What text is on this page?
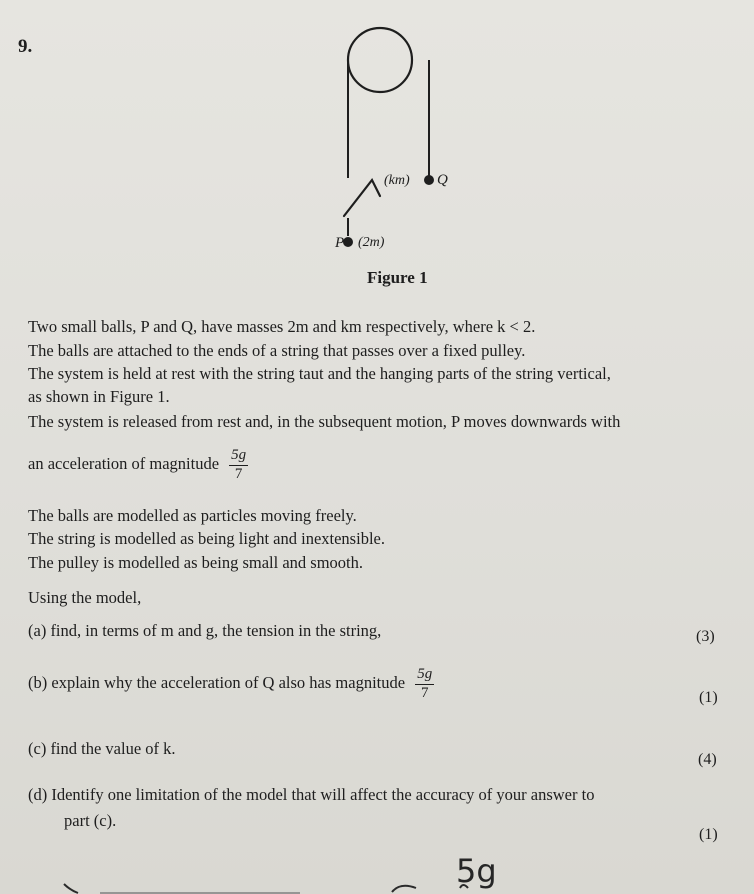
9.
(km) Q
P (2m)
Figure 1
Two small balls, P and Q, have masses 2m and km respectively, where k < 2.
The balls are attached to the ends of a string that passes over a fixed pulley.
The system is held at rest with the string taut and the hanging parts of the string vertical,
as shown in Figure 1.
The system is released from rest and, in the subsequent motion, P moves downwards with
an acceleration of magnitude $\frac{5g}{7}$
The balls are modelled as particles moving freely.
The string is modelled as being light and inextensible.
The pulley is modelled as being small and smooth.
Using the model,
(a) find, in terms of m and g, the tension in the string,	(3)
(b) explain why the acceleration of Q also has magnitude $\frac{5g}{7}$	(1)
(c) find the value of k.
(4)
(d) Identify one limitation of the model that will affect the accuracy of your answer to
part (c).
(1)
5g
